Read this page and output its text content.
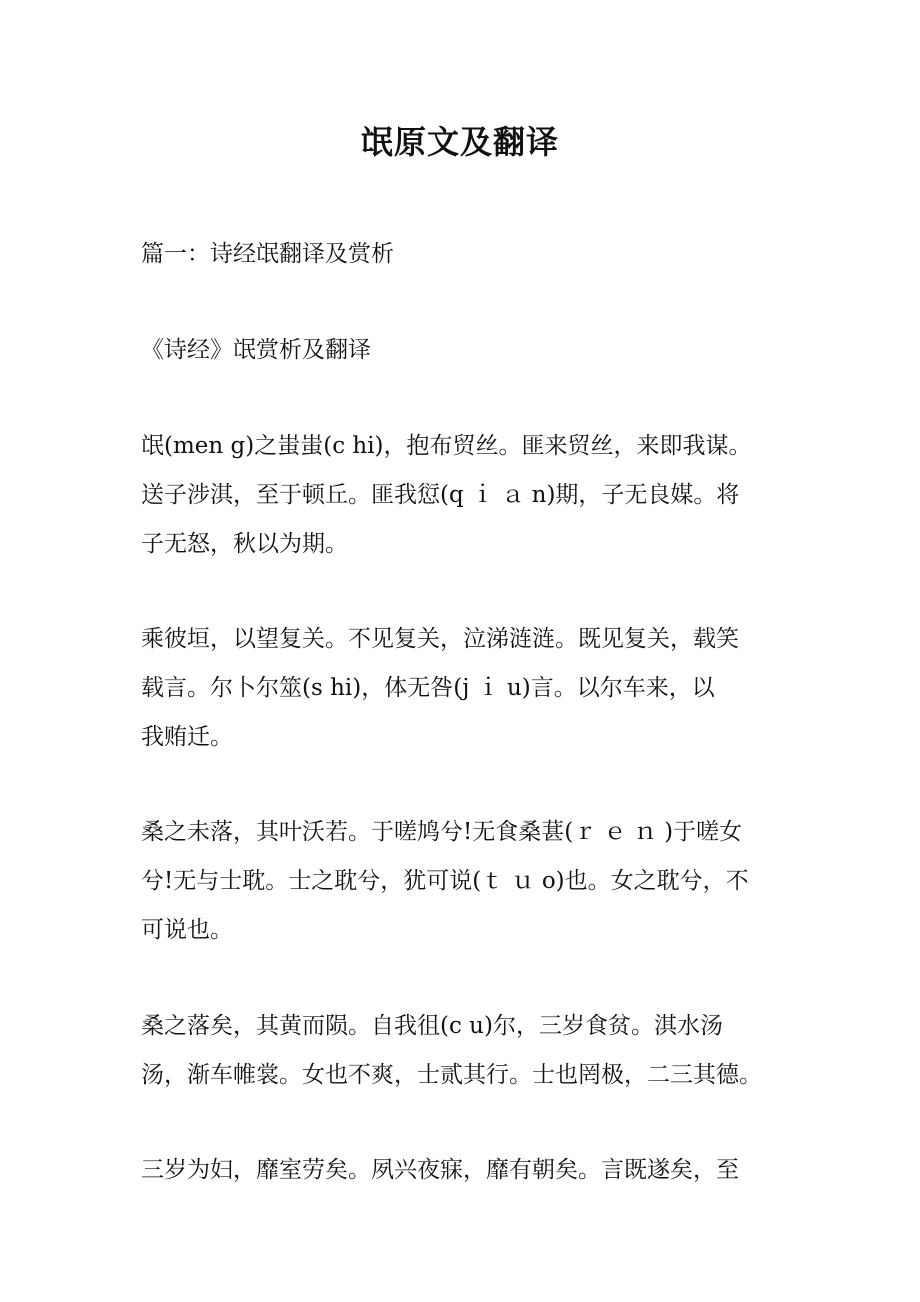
氓原文及翻译
篇一：诗经氓翻译及赏析
《诗经》氓赏析及翻译
氓(men g)之蚩蚩(c hi)，抱布贸丝。匪来贸丝，来即我谋。
送子涉淇，至于顿丘。匪我愆(q ｉ ａ n)期，子无良媒。将
子无怒，秋以为期。
乘彼垣，以望复关。不见复关，泣涕涟涟。既见复关，载笑
载言。尔卜尔筮(s hi)，体无咎(j ｉ u)言。以尔车来，以
我贿迁。
桑之未落，其叶沃若。于嗟鸠兮!无食桑葚(ｒ ｅ ｎ )于嗟女
兮!无与士耽。士之耽兮，犹可说(ｔ ｕ o)也。女之耽兮，不
可说也。
桑之落矣，其黄而陨。自我徂(c u)尔，三岁食贫。淇水汤
汤，渐车帷裳。女也不爽，士贰其行。士也罔极，二三其德。
三岁为妇，靡室劳矣。夙兴夜寐，靡有朝矣。言既遂矣，至
